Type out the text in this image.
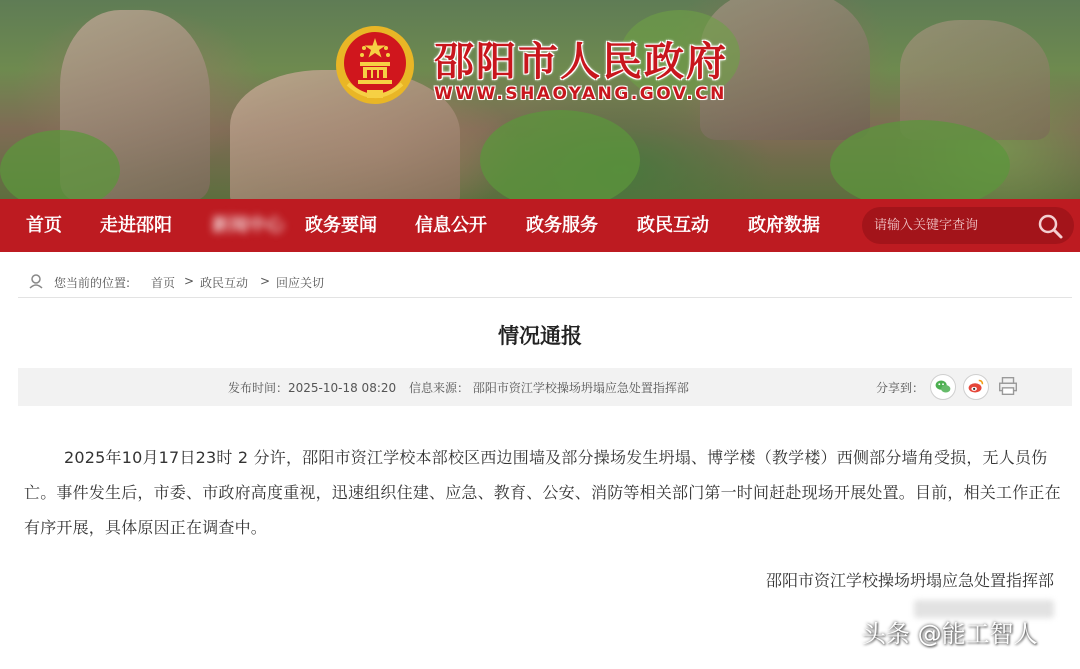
邵阳市人民政府
WWW.SHAOYANG.GOV.CN
首页 走进邵阳 新闻中心 政务要闻 信息公开 政务服务 政民互动 政府数据
请输入关键字查询
您当前的位置: 首页 > 政民互动 > 回应关切
情况通报
发布时间：2025-10-18 08:20 信息来源： 邵阳市资江学校操场坍塌应急处置指挥部	分享到：
2025年10月17日23时 2 分许，邵阳市资江学校本部校区西边围墙及部分操场发生坍塌、博学楼（教学楼）西侧部分墙角受损，无人员伤亡。事件发生后，市委、市政府高度重视，迅速组织住建、应急、教育、公安、消防等相关部门第一时间赶赴现场开展处置。目前，相关工作正在有序开展，具体原因正在调查中。
邵阳市资江学校操场坍塌应急处置指挥部
头条 @能工智人
